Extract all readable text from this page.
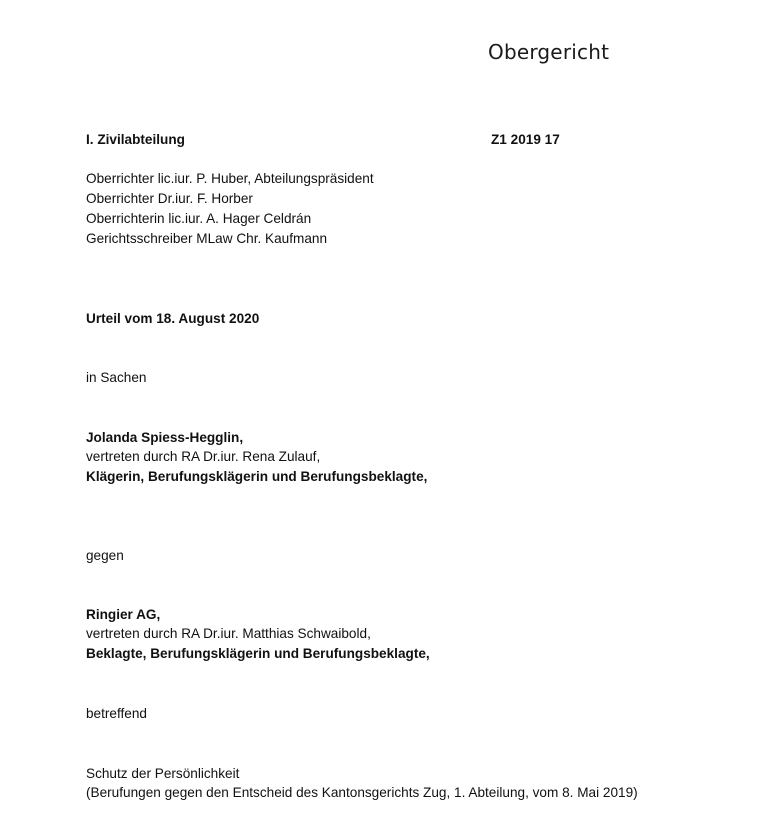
Obergericht
I. Zivilabteilung	Z1 2019 17
Oberrichter lic.iur. P. Huber, Abteilungspräsident
Oberrichter Dr.iur. F. Horber
Oberrichterin lic.iur. A. Hager Celdrán
Gerichtsschreiber MLaw Chr. Kaufmann
Urteil vom 18. August 2020
in Sachen
Jolanda Spiess-Hegglin,
vertreten durch RA Dr.iur. Rena Zulauf,
Klägerin, Berufungsklägerin und Berufungsbeklagte,
gegen
Ringier AG,
vertreten durch RA Dr.iur. Matthias Schwaibold,
Beklagte, Berufungsklägerin und Berufungsbeklagte,
betreffend
Schutz der Persönlichkeit
(Berufungen gegen den Entscheid des Kantonsgerichts Zug, 1. Abteilung, vom 8. Mai 2019)
